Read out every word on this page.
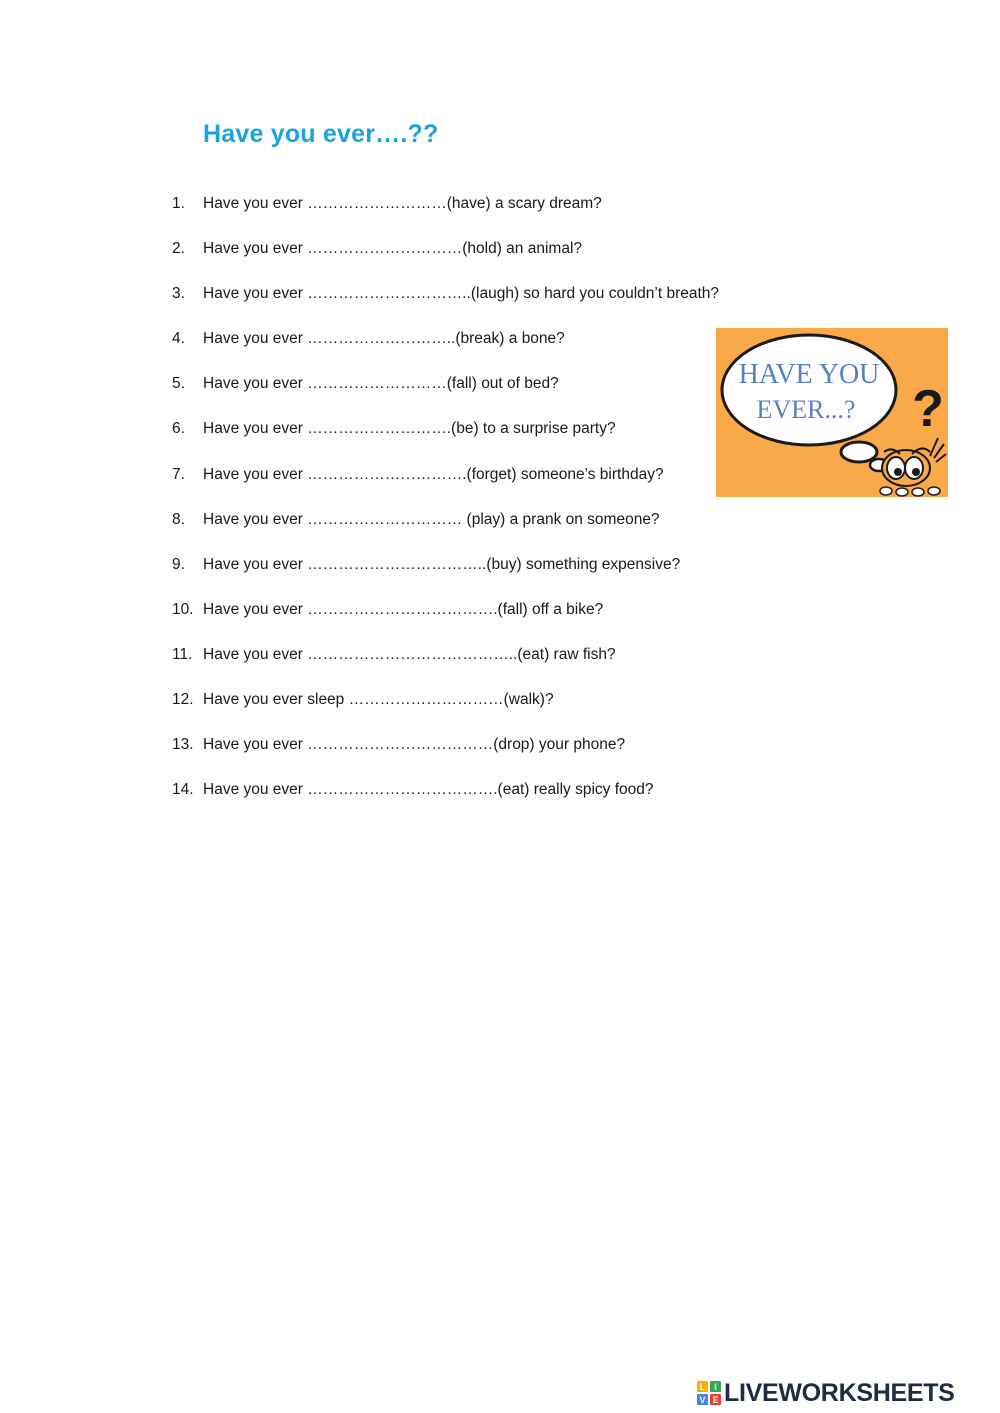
Have you ever….??
1.	Have you ever ………………………(have) a scary dream?
2.	Have you ever …………………………(hold) an animal?
3.	Have you ever …………………………..(laugh) so hard you couldn’t breath?
4.	Have you ever ………………………..(break) a bone?
5.	Have you ever ………………………(fall) out of bed?
6.	Have you ever ……………………….(be) to a surprise party?
7.	Have you ever ………………………….(forget) someone’s birthday?
8.	Have you ever ………………………… (play) a prank on someone?
9.	Have you ever ……………………………..(buy) something expensive?
10. Have you ever ……………………………….(fall) off a bike?
11. Have you ever …………………………………..(eat) raw fish?
12. Have you ever sleep …………………………(walk)?
13. Have you ever ………………………………(drop) your phone?
14. Have you ever ……………………………….(eat) really spicy food?
HAVE YOU
EVER...? ?
L I
V E LIVEWORKSHEETS
